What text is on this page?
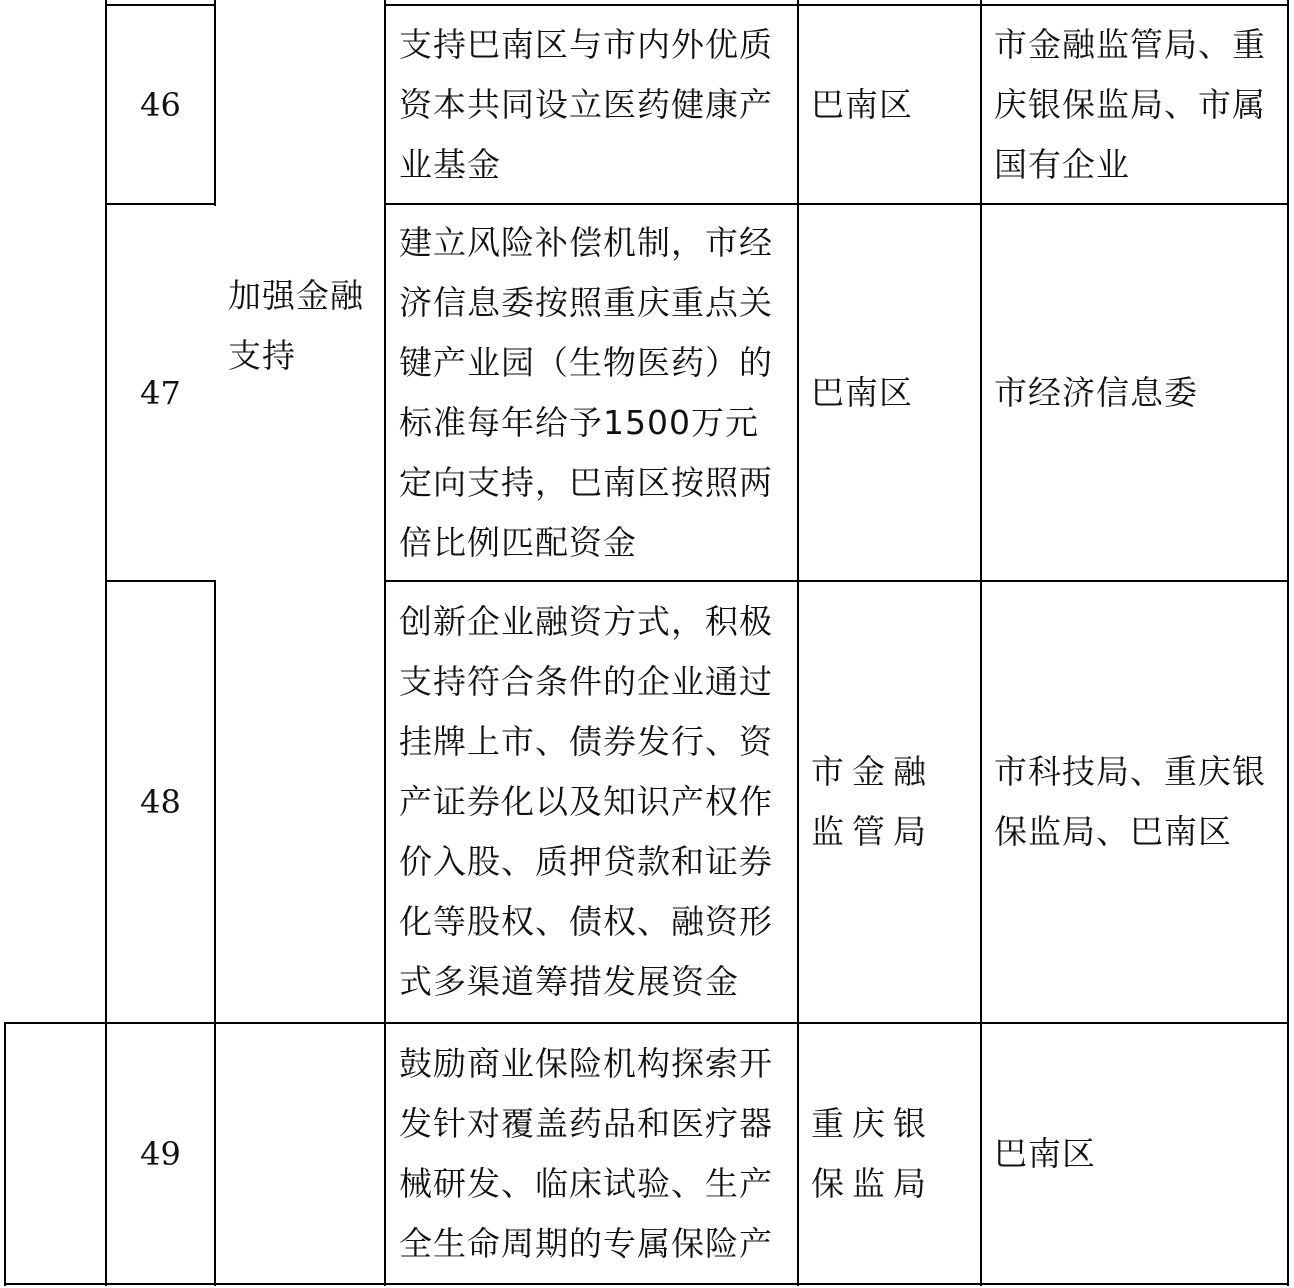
46
支持巴南区与市内外优质资本共同设立医药健康产业基金
巴南区
市金融监管局、重庆银保监局、市属国有企业
加强金融支持
47
建立风险补偿机制，市经济信息委按照重庆重点关键产业园（生物医药）的标准每年给予1500万元定向支持，巴南区按照两倍比例匹配资金
巴南区	市经济信息委
48
创新企业融资方式，积极支持符合条件的企业通过挂牌上市、债券发行、资产证券化以及知识产权作价入股、质押贷款和证券化等股权、债权、融资形式多渠道筹措发展资金
市金融监管局
市科技局、重庆银保监局、巴南区
49
鼓励商业保险机构探索开发针对覆盖药品和医疗器械研发、临床试验、生产全生命周期的专属保险产
重庆银保监局
巴南区
